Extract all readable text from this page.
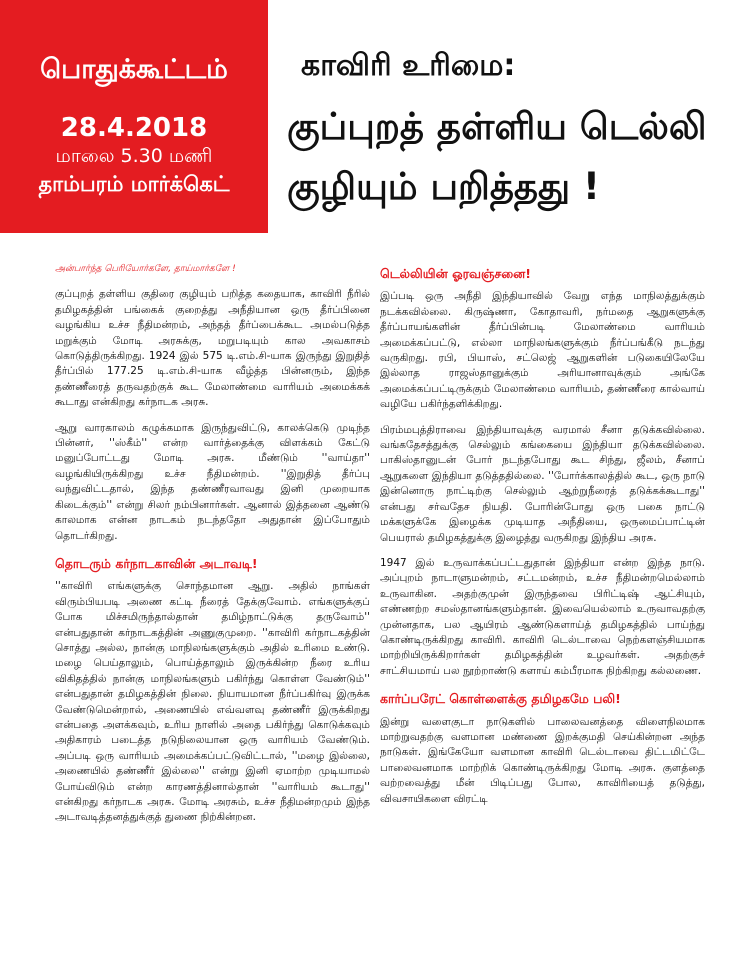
பொதுக்கூட்டம்
28.4.2018
மாலை 5.30 மணி
தாம்பரம் மார்க்கெட்
காவிரி உரிமை:
குப்புறத் தள்ளிய டெல்லி
குழியும் பறித்தது !
அன்பார்ந்த பெரியோர்களே, தாய்மார்களே !

குப்புறத் தள்ளிய குதிரை குழியும் பறித்த கதையாக, காவிரி நீரில் தமிழகத்தின் பங்கைக் குறைத்து அநீதியான ஒரு தீர்ப்பினை வழங்கிய உச்ச நீதிமன்றம், அந்தத் தீர்ப்பைக்கூட அமல்படுத்த மறுக்கும் மோடி அரசுக்கு, மறுபடியும் கால அவகாசம் கொடுத்திருக்கிறது. 1924 இல் 575 டி.எம்.சி-யாக இருந்து இறுதித் தீர்ப்பில் 177.25 டி.எம்.சி-யாக வீழ்த்த பின்னரும், இந்த தண்ணீரைத் தருவதற்குக் கூட மேலாண்மை வாரியம் அமைக்கக் கூடாது என்கிறது கர்நாடக அரசு.

ஆறு வாரகாலம் கழுக்கமாக இருந்துவிட்டு, காலக்கெடு முடிந்த பின்னர், ''ஸ்கீம்'' என்ற வார்த்தைக்கு விளக்கம் கேட்டு மனுப்போட்டது மோடி அரசு. மீண்டும் ''வாய்தா'' வழங்கியிருக்கிறது உச்ச நீதிமன்றம். ''இறுதித் தீர்ப்பு வந்துவிட்டதால், இந்த தண்ணீரவாவது இனி முறையாக கிடைக்கும்'' என்று சிலர் நம்பினார்கள். ஆனால் இத்தனை ஆண்டு காலமாக என்ன நாடகம் நடந்ததோ அதுதான் இப்போதும் தொடர்கிறது.

தொடரும் கர்நாடகாவின் அடாவடி!

''காவிரி எங்களுக்கு சொந்தமான ஆறு. அதில் நாங்கள் விரும்பியபடி அணை கட்டி நீரைத் தேக்குவோம். எங்களுக்குப் போக மிச்சமிருந்தால்தான் தமிழ்நாட்டுக்கு தருவோம்'' என்பதுதான் கர்நாடகத்தின் அணுகுமுறை. ''காவிரி கர்நாடகத்தின் சொத்து அல்ல, நான்கு மாநிலங்களுக்கும் அதில் உரிமை உண்டு. மழை பெய்தாலும், பொய்த்தாலும் இருக்கின்ற நீரை உரிய விகிதத்தில் நான்கு மாநிலங்களும் பகிர்ந்து கொள்ள வேண்டும்'' என்பதுதான் தமிழகத்தின் நிலை. நியாயமான நீர்ப்பகிர்வு இருக்க வேண்டுமென்றால், அணையில் எவ்வளவு தண்ணீர் இருக்கிறது என்பதை அளக்கவும், உரிய நாளில் அதை பகிர்ந்து கொடுக்கவும் அதிகாரம் படைத்த நடுநிலையான ஒரு வாரியம் வேண்டும். அப்படி ஒரு வாரியம் அமைக்கப்பட்டுவிட்டால், ''மழை இல்லை, அணையில் தண்ணீர் இல்லை'' என்று இனி ஏமாற்ற முடியாமல் போய்விடும் என்ற காரணத்தினால்தான் ''வாரியம் கூடாது'' என்கிறது கர்நாடக அரசு. மோடி அரசும், உச்ச நீதிமன்றமும் இந்த அடாவடித்தனத்துக்குத் துணை நிற்கின்றன.

டெல்லியின் ஓரவஞ்சனை!

இப்படி ஒரு அநீதி இந்தியாவில் வேறு எந்த மாநிலத்துக்கும் நடக்கவில்லை. கிருஷ்ணா, கோதாவரி, நர்மதை ஆறுகளுக்கு தீர்ப்பாயங்களின் தீர்ப்பின்படி மேலாண்மை வாரியம் அமைக்கப்பட்டு, எல்லா மாநிலங்களுக்கும் நீர்ப்பங்கீடு நடந்து வருகிறது. ரபி, பியாஸ், சட்லெஜ் ஆறுகளின் படுகையிலேயே இல்லாத ராஜஸ்தானுக்கும் அரியானாவுக்கும் அங்கே அமைக்கப்பட்டிருக்கும் மேலாண்மை வாரியம், தண்ணீரை கால்வாய் வழியே பகிர்ந்தளிக்கிறது.

பிரம்மபுத்திராவை இந்தியாவுக்கு வரமால் சீனா தடுக்கவில்லை. வங்கதேசத்துக்கு செல்லும் கங்கையை இந்தியா தடுக்கவில்லை. பாகிஸ்தானுடன் போர் நடந்தபோது கூட சிந்து, ஜீலம், சீனாப் ஆறுகளை இந்தியா தடுத்ததில்லை. ''போர்க்காலத்தில் கூட, ஒரு நாடு இன்னொரு நாட்டிற்கு செல்லும் ஆற்றுநீரைத் தடுக்கக்கூடாது'' என்பது சர்வதேச நியதி. போரின்போது ஒரு பகை நாட்டு மக்களுக்கே இழைக்க முடியாத அநீதியை, ஒருமைப்பாட்டின் பெயரால் தமிழகத்துக்கு இழைத்து வருகிறது இந்திய அரசு.

1947 இல் உருவாக்கப்பட்டதுதான் இந்தியா என்ற இந்த நாடு. அப்புறம் நாடாளுமன்றம், சட்டமன்றம், உச்ச நீதிமன்றமெல்லாம் உருவாகின. அதற்குமுன் இருந்தவை பிரிட்டிஷ் ஆட்சியும், எண்ணற்ற சமஸ்தானங்களும்தான். இவையெல்லாம் உருவாவதற்கு முன்னதாக, பல ஆயிரம் ஆண்டுகளாய்த் தமிழகத்தில் பாய்ந்து கொண்டிருக்கிறது காவிரி. காவிரி டெல்டாவை நெற்களஞ்சியமாக மாற்றியிருக்கிறார்கள் தமிழகத்தின் உழவர்கள். அதற்குச் சாட்சியமாய் பல நூற்றாண்டு களாய் கம்பீரமாக நிற்கிறது கல்லணை.

கார்ப்பரேட் கொள்ளைக்கு தமிழகமே பலி!

இன்று வளைகுடா நாடுகளில் பாலைவனத்தை விளைநிலமாக மாற்றுவதற்கு வளமான மண்ணை இறக்குமதி செய்கின்றன அந்த நாடுகள். இங்கேயோ வளமான காவிரி டெல்டாவை திட்டமிட்டே பாலைவனமாக மாற்றிக் கொண்டிருக்கிறது மோடி அரசு. குளத்தை வற்றவைத்து மீன் பிடிப்பது போல, காவிரியைத் தடுத்து, விவசாயிகளை விரட்டி
